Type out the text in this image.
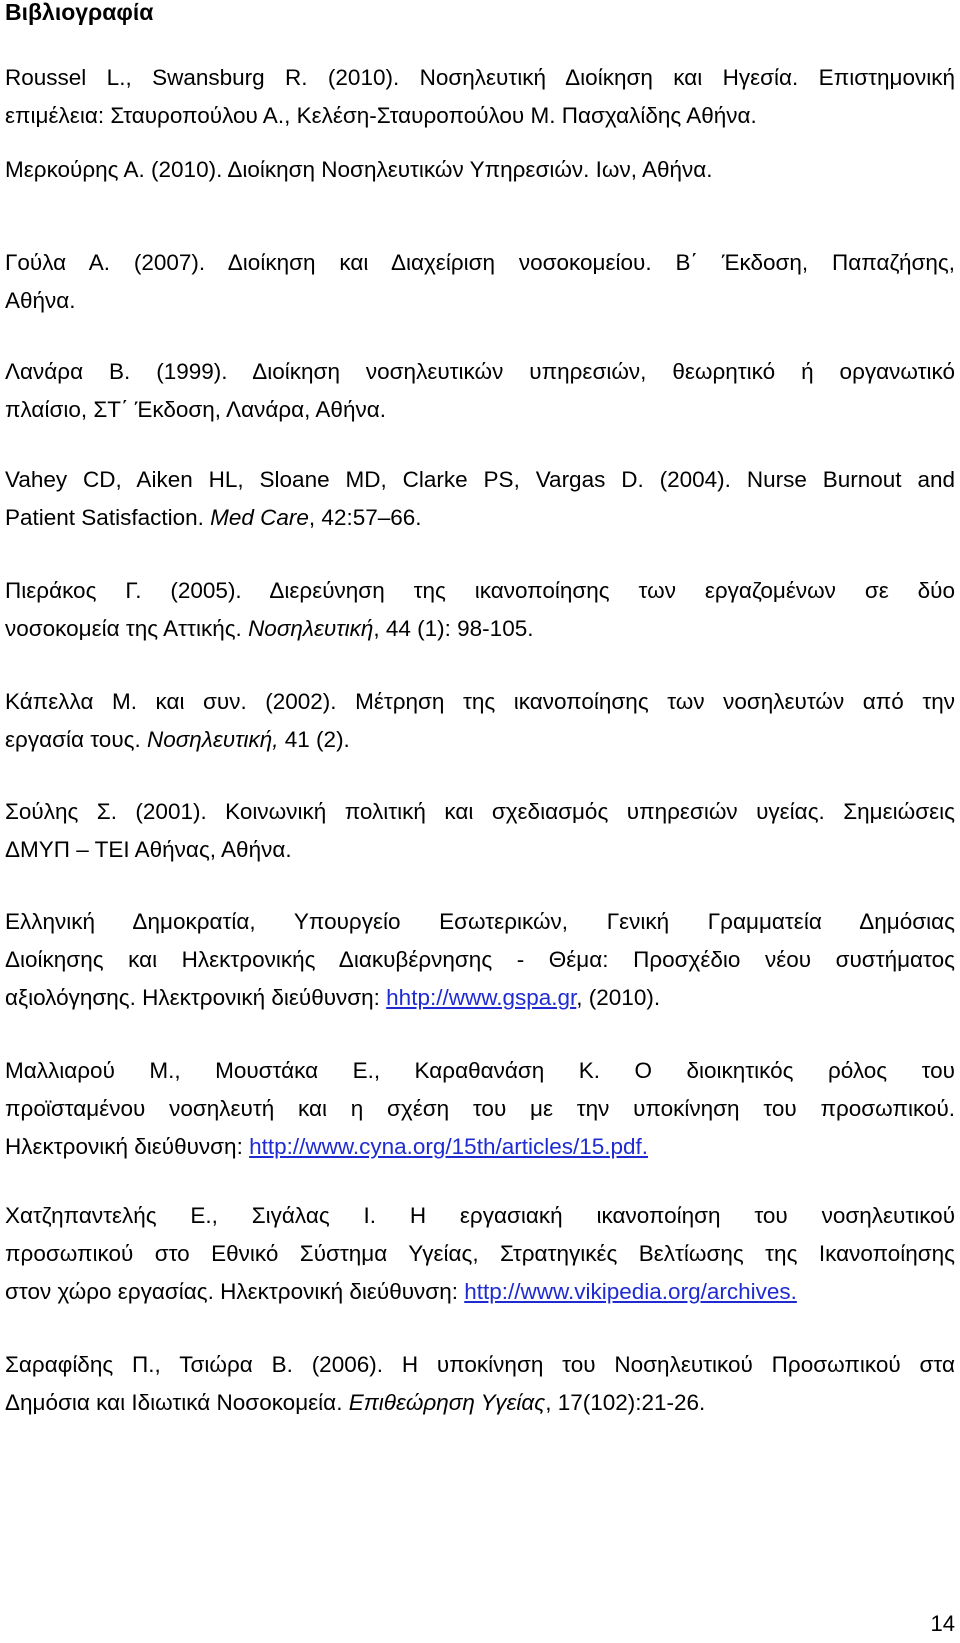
Βιβλιογραφία
Roussel L., Swansburg R. (2010). Νοσηλευτική Διοίκηση και Ηγεσία. Επιστημονική
επιμέλεια: Σταυροπούλου Α., Κελέση-Σταυροπούλου Μ. Πασχαλίδης Αθήνα.
Μερκούρης Α. (2010). Διοίκηση Νοσηλευτικών Υπηρεσιών. Ιων, Αθήνα.
Γούλα Α. (2007). Διοίκηση και Διαχείριση νοσοκομείου. Β΄ Έκδοση, Παπαζήσης,
Αθήνα.
Λανάρα Β. (1999). Διοίκηση νοσηλευτικών υπηρεσιών, θεωρητικό ή οργανωτικό
πλαίσιο, ΣΤ΄ Έκδοση, Λανάρα, Αθήνα.
Vahey CD, Aiken HL, Sloane MD, Clarke PS, Vargas D. (2004). Nurse Burnout and
Patient Satisfaction. Med Care, 42:57–66.
Πιεράκος Γ. (2005). Διερεύνηση της ικανοποίησης των εργαζομένων σε δύο
νοσοκομεία της Αττικής. Νοσηλευτική, 44 (1): 98-105.
Κάπελλα Μ. και συν. (2002). Μέτρηση της ικανοποίησης των νοσηλευτών από την
εργασία τους. Νοσηλευτική, 41 (2).
Σούλης Σ. (2001). Κοινωνική πολιτική και σχεδιασμός υπηρεσιών υγείας. Σημειώσεις
ΔΜΥΠ – ΤΕΙ Αθήνας, Αθήνα.
Ελληνική Δημοκρατία, Υπουργείο Εσωτερικών, Γενική Γραμματεία Δημόσιας
Διοίκησης και Ηλεκτρονικής Διακυβέρνησης - Θέμα: Προσχέδιο νέου συστήματος
αξιολόγησης. Ηλεκτρονική διεύθυνση: hhtp://www.gspa.gr, (2010).
Μαλλιαρού Μ., Μουστάκα Ε., Καραθανάση Κ. Ο διοικητικός ρόλος του
προϊσταμένου νοσηλευτή και η σχέση του με την υποκίνηση του προσωπικού.
Ηλεκτρονική διεύθυνση: http://www.cyna.org/15th/articles/15.pdf.
Χατζηπαντελής Ε., Σιγάλας Ι. Η εργασιακή ικανοποίηση του νοσηλευτικού
προσωπικού στο Εθνικό Σύστημα Υγείας, Στρατηγικές Βελτίωσης της Ικανοποίησης
στον χώρο εργασίας. Ηλεκτρονική διεύθυνση: http://www.vikipedia.org/archives.
Σαραφίδης Π., Τσιώρα Β. (2006). Η υποκίνηση του Νοσηλευτικού Προσωπικού στα
Δημόσια και Ιδιωτικά Νοσοκομεία. Επιθεώρηση Υγείας, 17(102):21-26.
14
